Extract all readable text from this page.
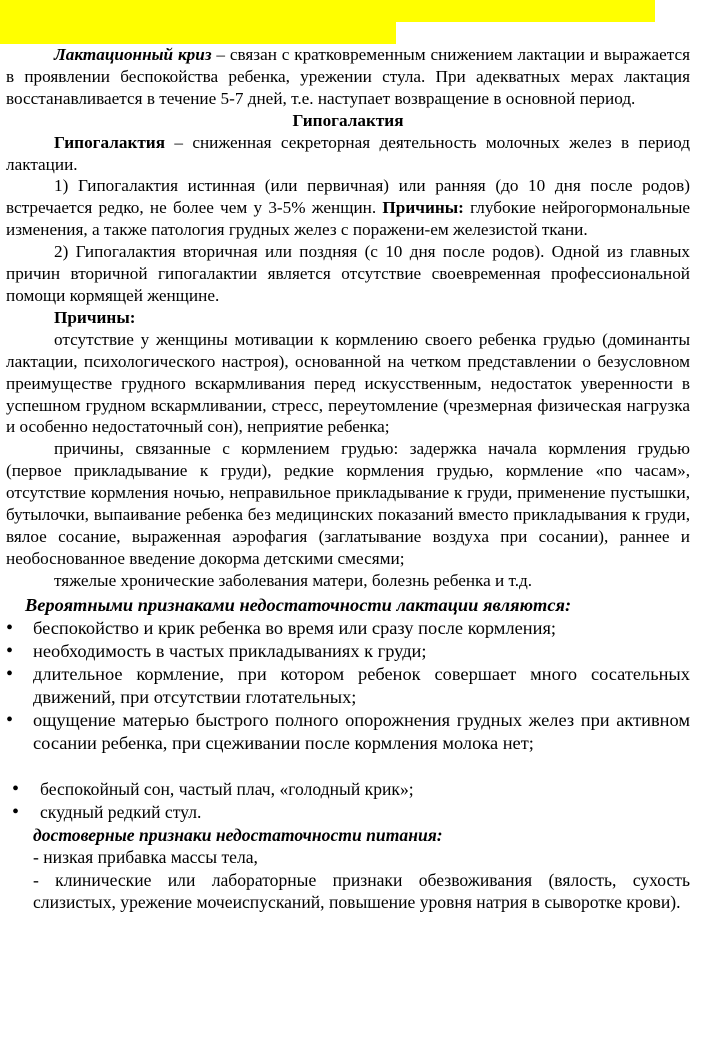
Лактационный криз – связан с кратковременным снижением лактации и выражается в проявлении беспокойства ребенка, урежении стула. При адекватных мерах лактация восстанавливается в течение 5-7 дней, т.е. наступает возвращение в основной период.

Гипогалактия

Гипогалактия – сниженная секреторная деятельность молочных желез в период лактации.

1) Гипогалактия истинная (или первичная) или ранняя (до 10 дня после родов) встречается редко, не более чем у 3-5% женщин. Причины: глубокие нейрогормональные изменения, а также патология грудных желез с поражени-ем железистой ткани.

2) Гипогалактия вторичная или поздняя (с 10 дня после родов). Одной из главных причин вторичной гипогалактии является отсутствие своевременная профессиональной помощи кормящей женщине.

Причины:

отсутствие у женщины мотивации к кормлению своего ребенка грудью (доминанты лактации, психологического настроя), основанной на четком представлении о безусловном преимуществе грудного вскармливания перед искусственным, недостаток уверенности в успешном грудном вскармливании, стресс, переутомление (чрезмерная физическая нагрузка и особенно недостаточный сон), неприятие ребенка;

причины, связанные с кормлением грудью: задержка начала кормления грудью (первое прикладывание к груди), редкие кормления грудью, кормление «по часам», отсутствие кормления ночью, неправильное прикладывание к груди, применение пустышки, бутылочки, выпаивание ребенка без медицинских показаний вместо прикладывания к груди, вялое сосание, выраженная аэрофагия (заглатывание воздуха при сосании), раннее и необоснованное введение докорма детскими смесями;

тяжелые хронические заболевания матери, болезнь ребенка и т.д.

Вероятными признаками недостаточности лактации являются:

• беспокойство и крик ребенка во время или сразу после кормления;
• необходимость в частых прикладываниях к груди;
• длительное кормление, при котором ребенок совершает много сосательных движений, при отсутствии глотательных;
• ощущение матерью быстрого полного опорожнения грудных желез при активном сосании ребенка, при сцеживании после кормления молока нет;
• беспокойный сон, частый плач, «голодный крик»;
• скудный редкий стул.
достоверные признаки недостаточности питания:

- низкая прибавка массы тела,

- клинические или лабораторные признаки обезвоживания (вялость, сухость слизистых, урежение мочеиспусканий, повышение уровня натрия в сыворотке крови).
